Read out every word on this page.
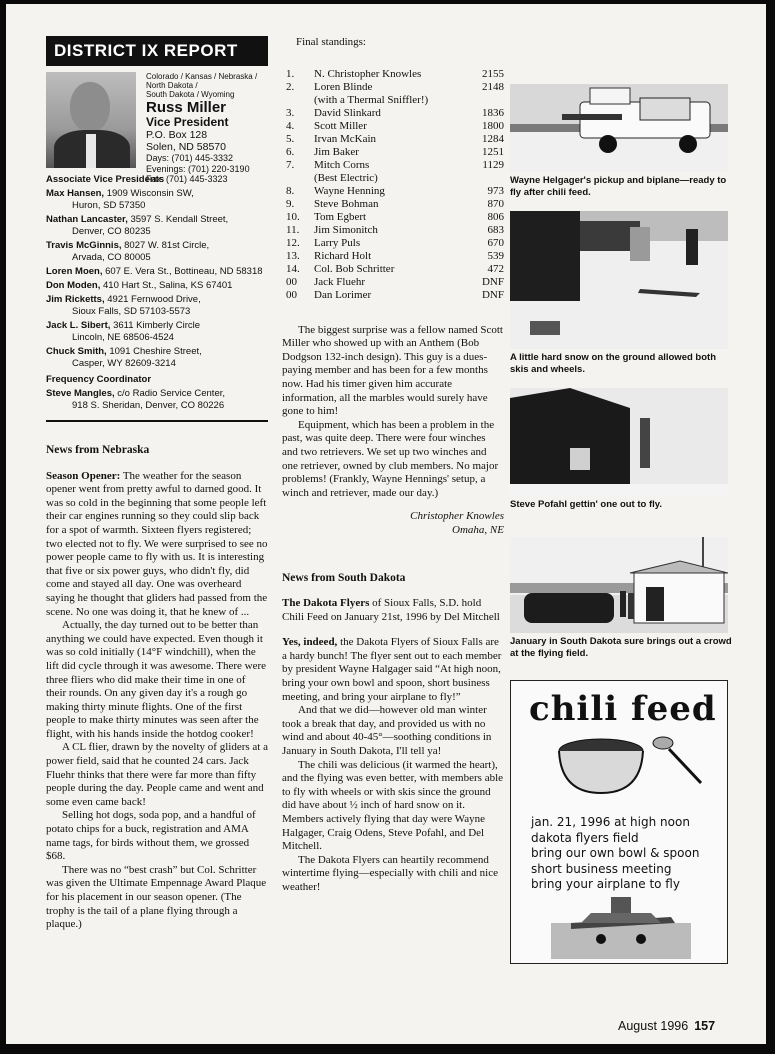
DISTRICT IX REPORT
Colorado / Kansas / Nebraska /
North Dakota /
South Dakota / Wyoming
Russ Miller
Vice President
P.O. Box 128
Solen, ND 58570
Days: (701) 445-3332
Evenings: (701) 220-3190
Fax: (701) 445-3323
Associate Vice Presidents
Max Hansen, 1909 Wisconsin SW,
Huron, SD 57350
Nathan Lancaster, 3597 S. Kendall Street,
Denver, CO 80235
Travis McGinnis, 8027 W. 81st Circle,
Arvada, CO 80005
Loren Moen, 607 E. Vera St., Bottineau, ND 58318
Don Moden, 410 Hart St., Salina, KS 67401
Jim Ricketts, 4921 Fernwood Drive,
Sioux Falls, SD 57103-5573
Jack L. Sibert, 3611 Kimberly Circle
Lincoln, NE 68506-4524
Chuck Smith, 1091 Cheshire Street,
Casper, WY 82609-3214
Frequency Coordinator
Steve Mangles, c/o Radio Service Center,
918 S. Sheridan, Denver, CO 80226
News from Nebraska

Season Opener: The weather for the season opener went from pretty awful to darned good. It was so cold in the beginning that some people left their car engines running so they could slip back for a spot of warmth. Sixteen flyers registered; two elected not to fly. We were surprised to see no power people came to fly with us. It is interesting that five or six power guys, who didn't fly, did come and stayed all day. One was overheard saying he thought that gliders had passed from the scene. No one was doing it, that he knew of ...

Actually, the day turned out to be better than anything we could have expected. Even though it was so cold initially (14°F windchill), when the lift did cycle through it was awesome. There were three fliers who did make their time in one of their rounds. On any given day it's a rough go making thirty minute flights. One of the first people to make thirty minutes was seen after the flight, with his hands inside the hotdog cooker!

A CL flier, drawn by the novelty of gliders at a power field, said that he counted 24 cars. Jack Fluehr thinks that there were far more than fifty people during the day. People came and went and some even came back!

Selling hot dogs, soda pop, and a handful of potato chips for a buck, registration and AMA name tags, for birds without them, we grossed $68.

There was no “best crash” but Col. Schritter was given the Ultimate Empennage Award Plaque for his placement in our season opener. (The trophy is the tail of a plane flying through a plaque.)

Final standings:
1.	N. Christopher Knowles	2155
2.	Loren Blinde	2148
	(with a Thermal Sniffler!)	
3.	David Slinkard	1836
4.	Scott Miller	1800
5.	Irvan McKain	1284
6.	Jim Baker	1251
7.	Mitch Corns	1129
	(Best Electric)	
8.	Wayne Henning	973
9.	Steve Bohman	870
10.	Tom Egbert	806
11.	Jim Simonitch	683
12.	Larry Puls	670
13.	Richard Holt	539
14.	Col. Bob Schritter	472
00	Jack Fluehr	DNF
00	Dan Lorimer	DNF

The biggest surprise was a fellow named Scott Miller who showed up with an Anthem (Bob Dodgson 132-inch design). This guy is a dues-paying member and has been for a few months now. Had his timer given him accurate information, all the marbles would surely have gone to him!

Equipment, which has been a problem in the past, was quite deep. There were four winches and two retrievers. We set up two winches and one retriever, owned by club members. No major problems! (Frankly, Wayne Hennings' setup, a winch and retriever, made our day.)

Christopher Knowles
Omaha, NE
News from South Dakota

The Dakota Flyers of Sioux Falls, S.D. hold Chili Feed on January 21st, 1996 by Del Mitchell

Yes, indeed, the Dakota Flyers of Sioux Falls are a hardy bunch! The flyer sent out to each member by president Wayne Halgager said “At high noon, bring your own bowl and spoon, short business meeting, and bring your airplane to fly!”

And that we did—however old man winter took a break that day, and provided us with no wind and about 40-45°—soothing conditions in January in South Dakota, I'll tell ya!

The chili was delicious (it warmed the heart), and the flying was even better, with members able to fly with wheels or with skis since the ground did have about ½ inch of hard snow on it. Members actively flying that day were Wayne Halgager, Craig Odens, Steve Pofahl, and Del Mitchell.

The Dakota Flyers can heartily recommend wintertime flying—especially with chili and nice weather!

Wayne Helgager's pickup and biplane—ready to fly after chili feed.
A little hard snow on the ground allowed both skis and wheels.
Steve Pofahl gettin' one out to fly.
January in South Dakota sure brings out a crowd at the flying field.
chili feed
jan. 21, 1996 at high noon
dakota flyers field
bring our own bowl & spoon
short business meeting
bring your airplane to fly
August 1996 157
